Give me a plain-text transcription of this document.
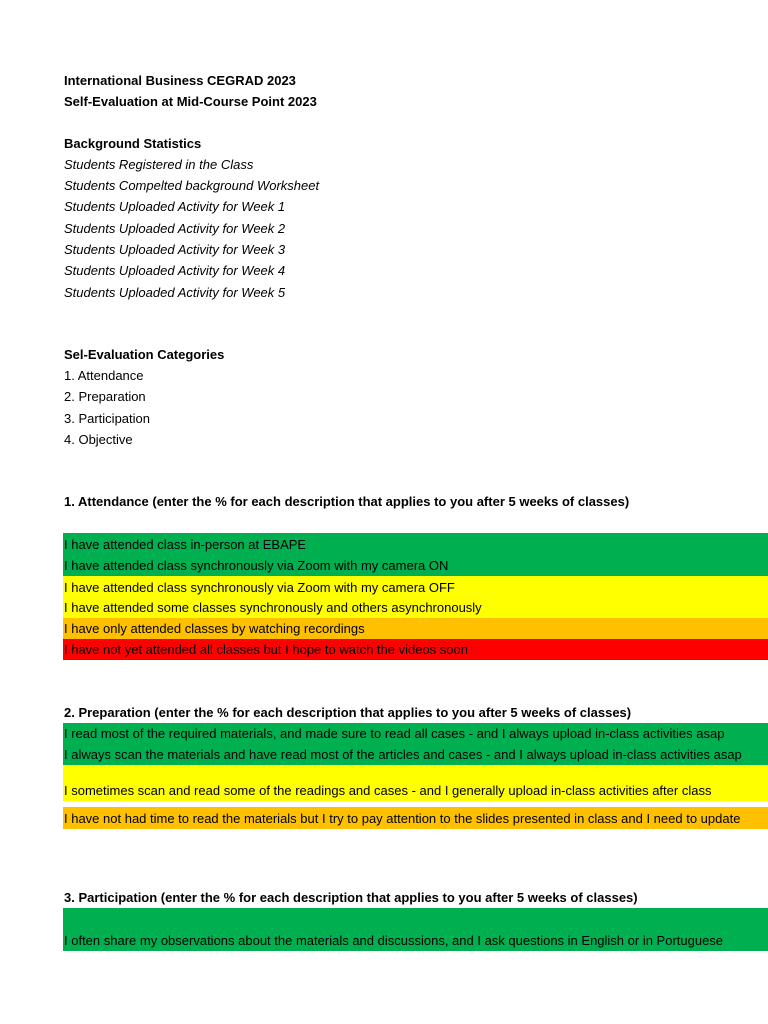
International Business CEGRAD 2023
Self-Evaluation at Mid-Course Point 2023
Background Statistics
Students Registered in the Class
Students Compelted background Worksheet
Students Uploaded Activity for Week 1
Students Uploaded Activity for Week 2
Students Uploaded Activity for Week 3
Students Uploaded Activity for Week 4
Students Uploaded Activity for Week 5
Sel-Evaluation Categories
1. Attendance
2. Preparation
3. Participation
4. Objective
1. Attendance (enter the % for each description that applies to you after 5 weeks of classes)
I have attended class in-person at EBAPE
I have attended class synchronously via Zoom with my camera ON
I have attended class synchronously via Zoom with my camera OFF
I have attended some classes synchronously and others asynchronously
I have only attended classes by watching recordings
I have not yet attended all classes but I hope to watch the videos soon
2. Preparation (enter the % for each description that applies to you after 5 weeks of classes)
I read most of the required materials, and made sure to read all cases - and I always upload in-class activities asap
I always scan the materials and have read most of the articles and cases - and I always upload in-class activities asap
I sometimes scan and read some of the readings and cases - and I generally upload in-class activities after class
I have not had time to read the materials but I try to pay attention to the slides presented in class and I need to update
3. Participation (enter the % for each description that applies to you after 5 weeks of classes)
I often share my observations about the materials and discussions, and I ask questions in English or in Portuguese
